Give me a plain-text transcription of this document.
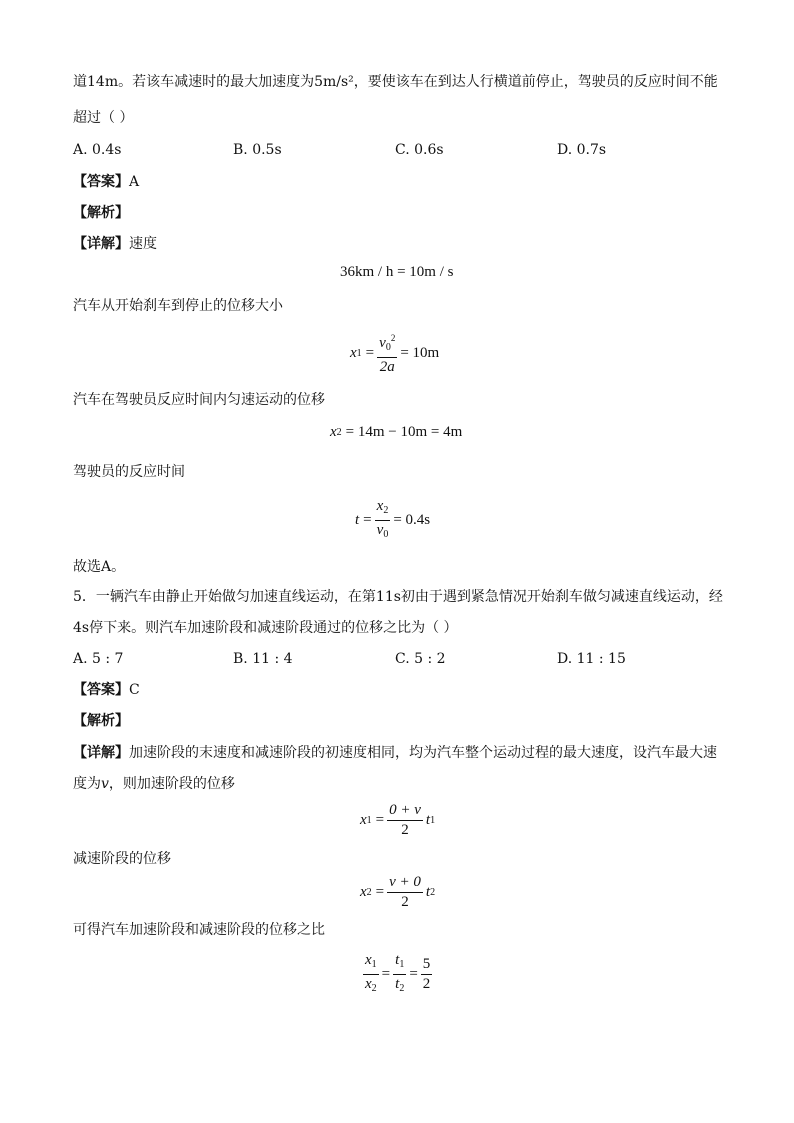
道14m。若该车减速时的最大加速度为5m/s²，要使该车在到达人行横道前停止，驾驶员的反应时间不能
超过（ ）
A. 0.4s	B. 0.5s	C. 0.6s	D. 0.7s
【答案】A
【解析】
【详解】速度
36km / h = 10m / s
汽车从开始刹车到停止的位移大小
x $1 = \frac{v_0^2}{2a} = 10m$
汽车在驾驶员反应时间内匀速运动的位移
x 2 = 14m − 10m = 4m
驾驶员的反应时间
$t = \frac{x_2}{v_0} = 0.4s$
故选A。
5．一辆汽车由静止开始做匀加速直线运动，在第11s初由于遇到紧急情况开始刹车做匀减速直线运动，经
4s停下来。则汽车加速阶段和减速阶段通过的位移之比为（ ）
A. 5 : 7	B. 11 : 4	C. 5 : 2	D. 11 : 15
【答案】C
【解析】
【详解】加速阶段的末速度和减速阶段的初速度相同，均为汽车整个运动过程的最大速度，设汽车最大速
度为v，则加速阶段的位移
x $1 = \frac{0 + v}{2}$ t 1
减速阶段的位移
x $2 = \frac{v + 0}{2}$ t 2
可得汽车加速阶段和减速阶段的位移之比
$\frac{x_1}{x_2} = \frac{t_1}{t_2} = \frac{5}{2}$
